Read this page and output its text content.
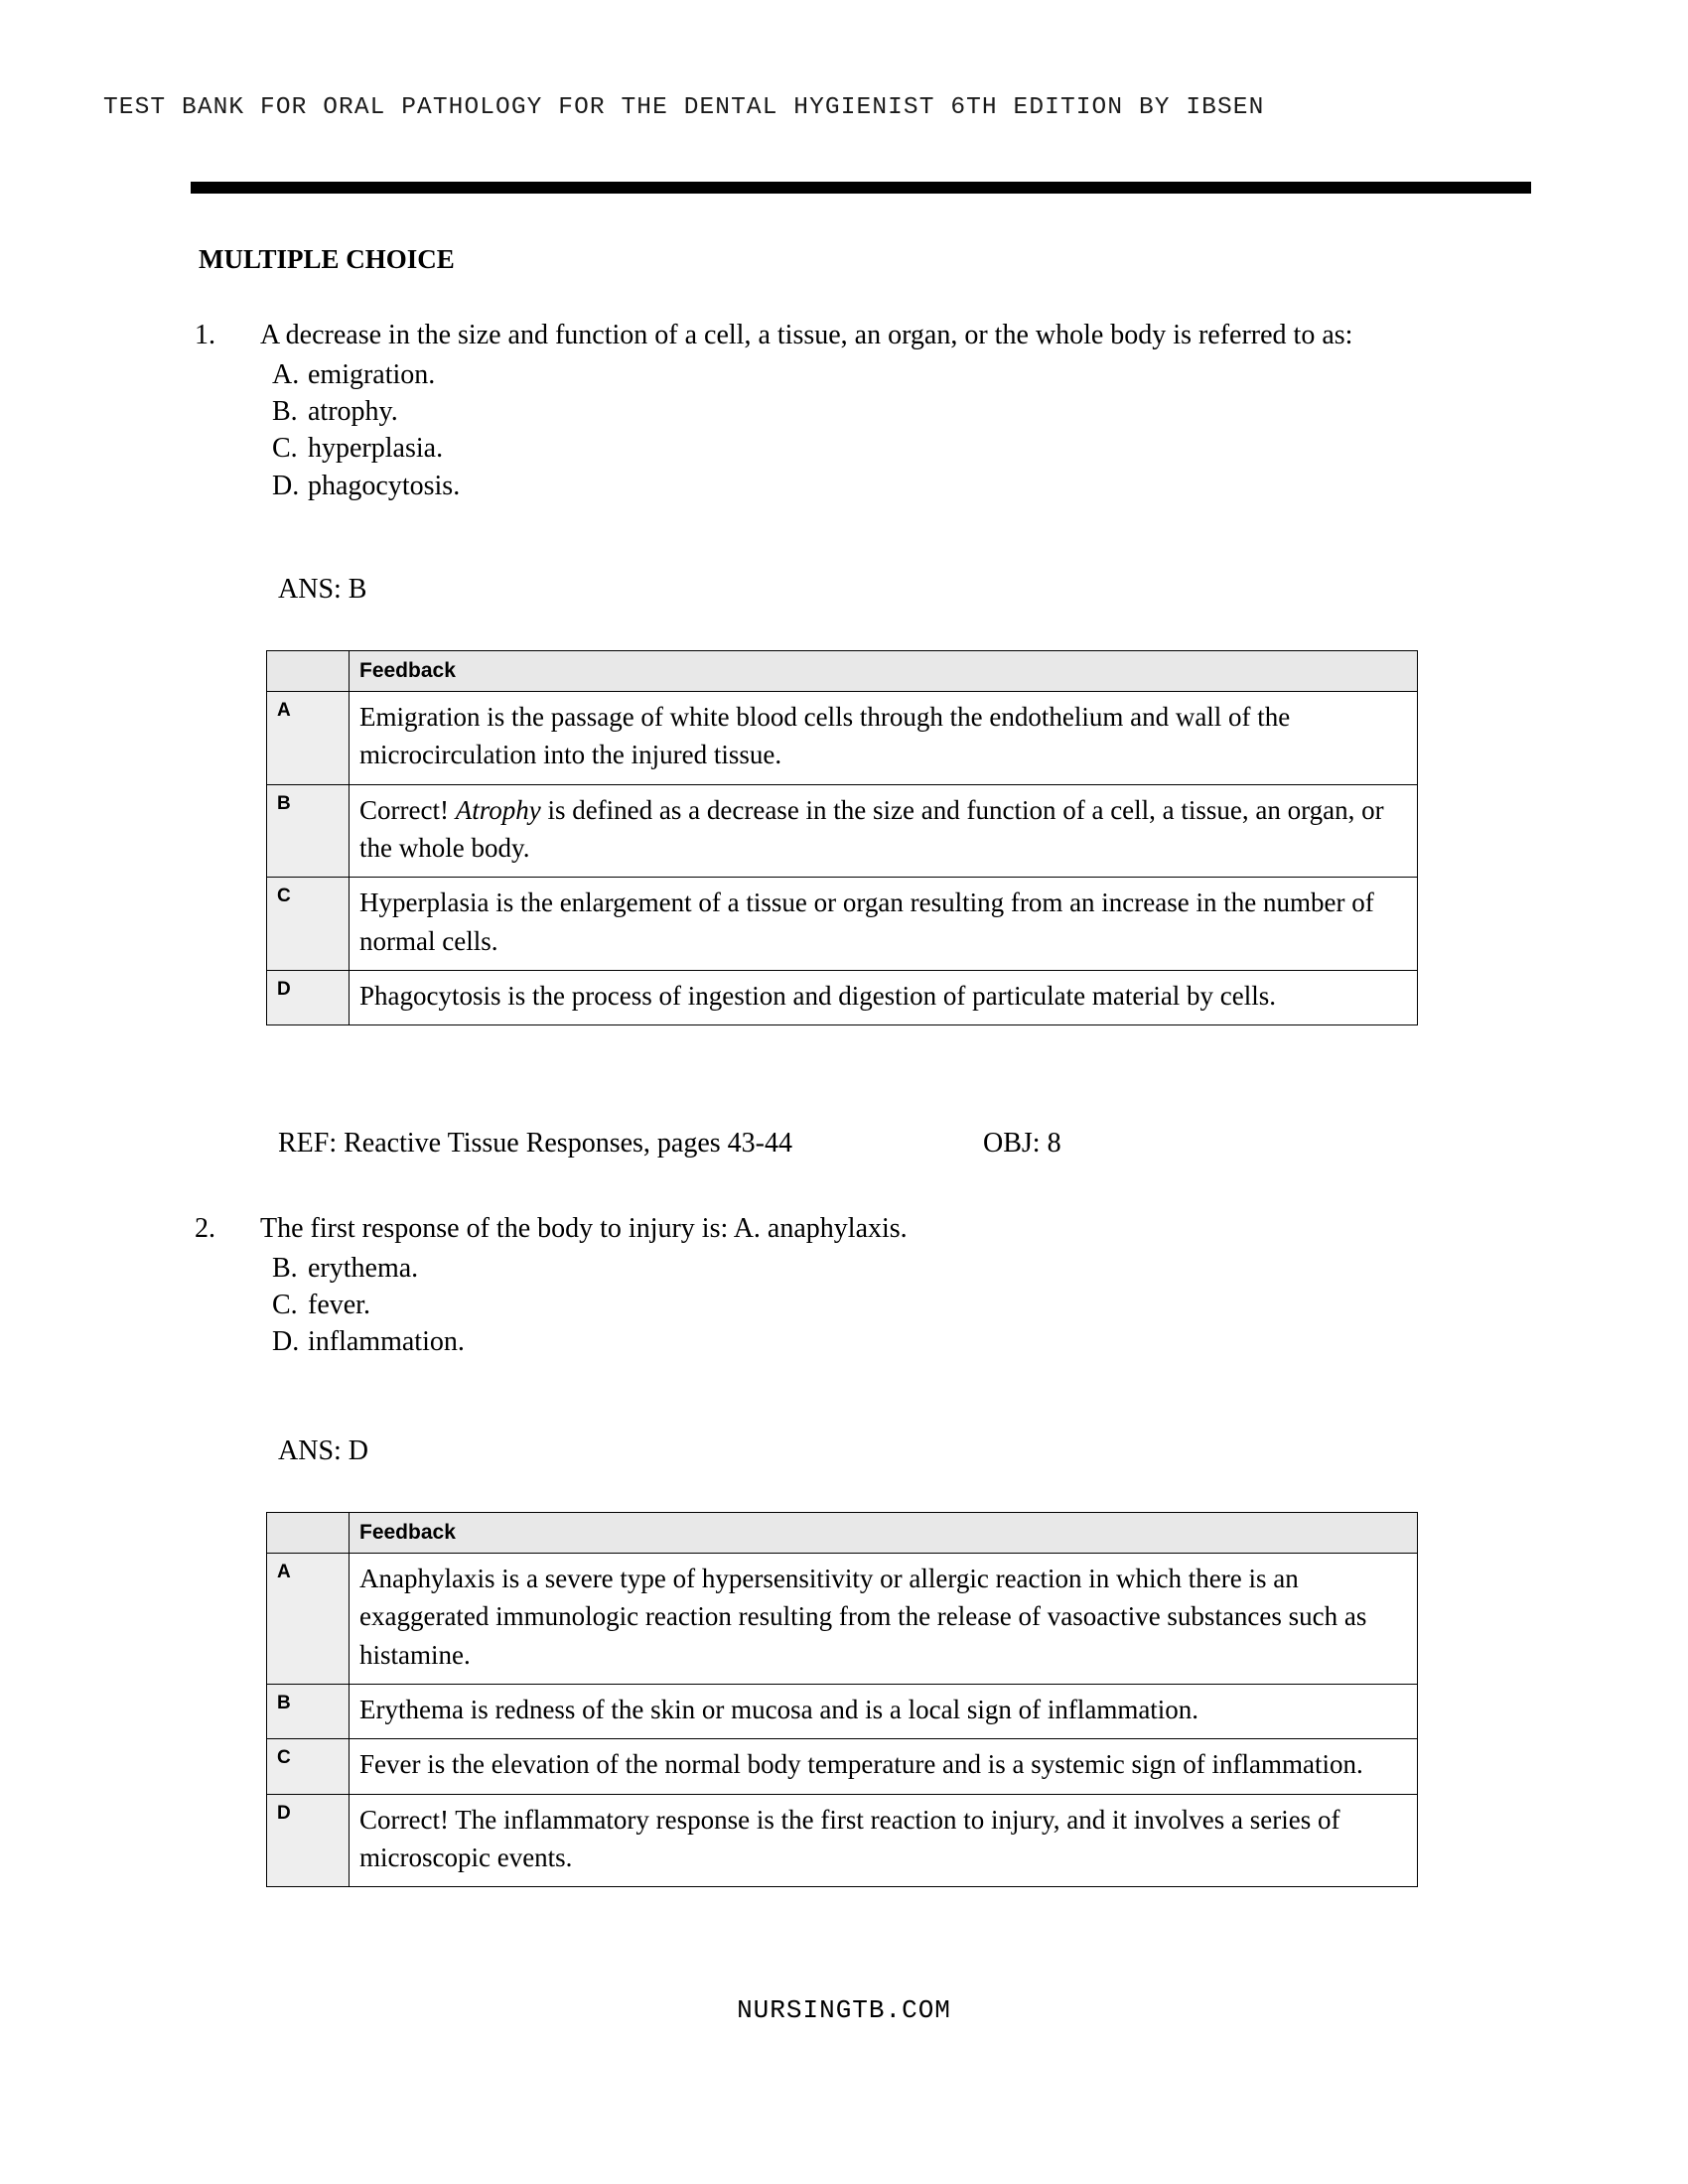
TEST BANK FOR ORAL PATHOLOGY FOR THE DENTAL HYGIENIST 6TH EDITION BY IBSEN
MULTIPLE CHOICE
1. A decrease in the size and function of a cell, a tissue, an organ, or the whole body is referred to as:
A. emigration.
B. atrophy.
C. hyperplasia.
D. phagocytosis.
ANS: B
	Feedback
A	Emigration is the passage of white blood cells through the endothelium and wall of the microcirculation into the injured tissue.
B	Correct! Atrophy is defined as a decrease in the size and function of a cell, a tissue, an organ, or the whole body.
C	Hyperplasia is the enlargement of a tissue or organ resulting from an increase in the number of normal cells.
D	Phagocytosis is the process of ingestion and digestion of particulate material by cells.
REF: Reactive Tissue Responses, pages 43-44	OBJ: 8
2. The first response of the body to injury is: A. anaphylaxis.
B. erythema.
C. fever.
D. inflammation.
ANS: D
	Feedback
A	Anaphylaxis is a severe type of hypersensitivity or allergic reaction in which there is an exaggerated immunologic reaction resulting from the release of vasoactive substances such as histamine.
B	Erythema is redness of the skin or mucosa and is a local sign of inflammation.
C	Fever is the elevation of the normal body temperature and is a systemic sign of inflammation.
D	Correct! The inflammatory response is the first reaction to injury, and it involves a series of microscopic events.
NURSINGTB.COM
